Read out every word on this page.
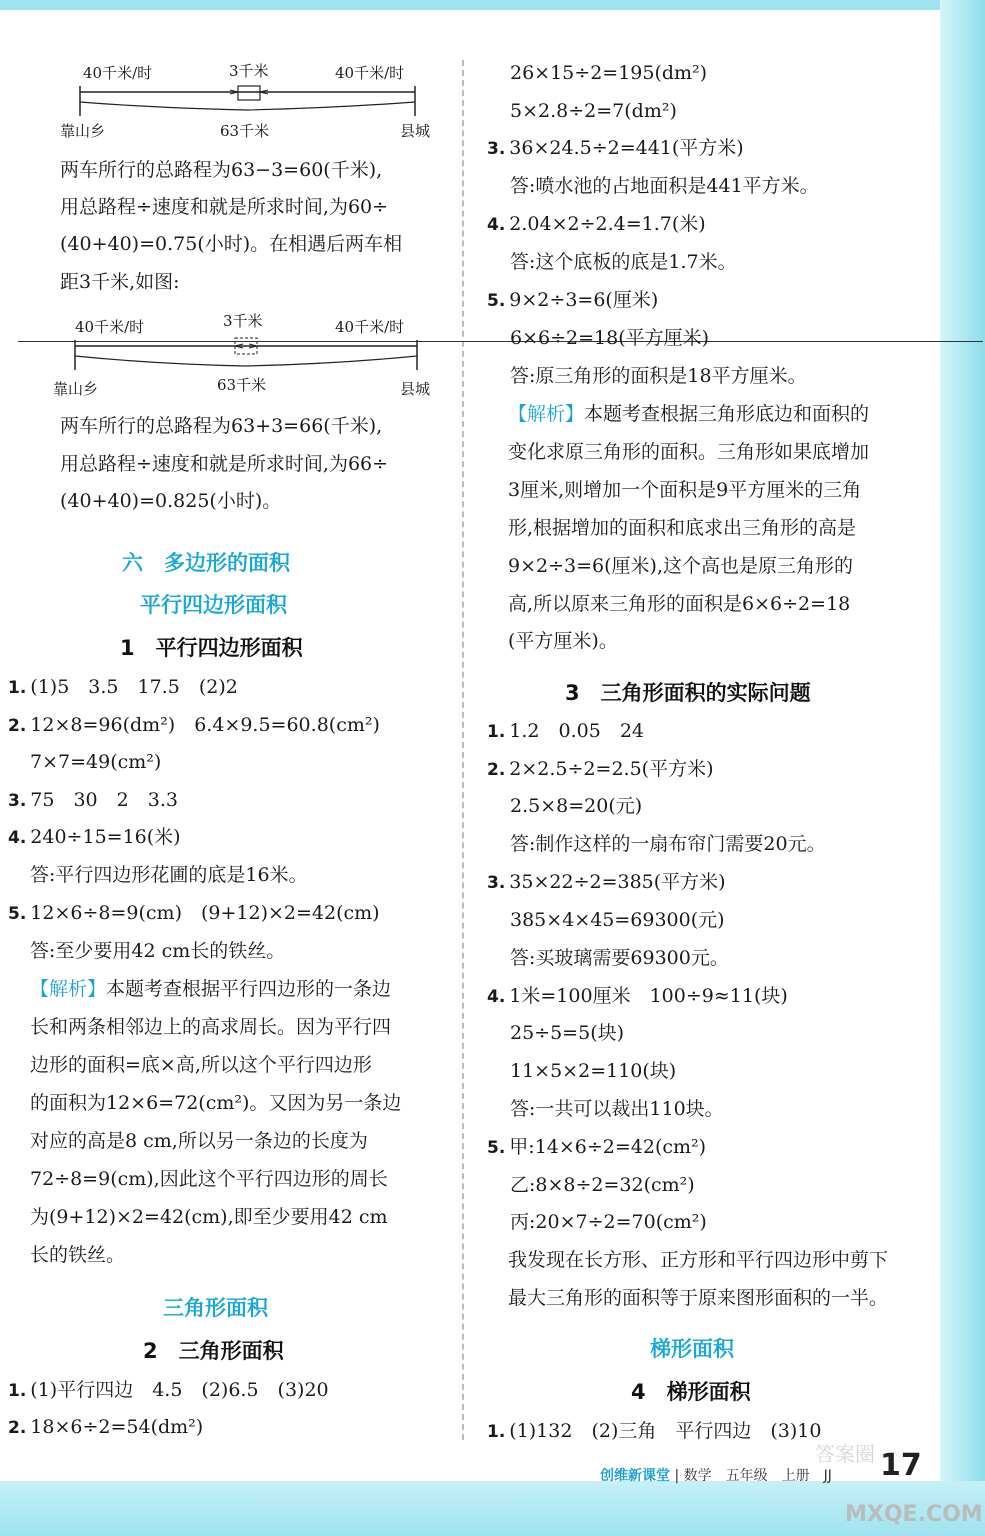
40千米/时	3千米	40千米/时
靠山乡	63千米	县城
两车所行的总路程为63−3=60(千米),
用总路程÷速度和就是所求时间,为60÷
(40+40)=0.75(小时)。在相遇后两车相
距3千米,如图:
40千米/时	3千米	40千米/时
靠山乡	63千米	县城
两车所行的总路程为63+3=66(千米),
用总路程÷速度和就是所求时间,为66÷
(40+40)=0.825(小时)。
六　多边形的面积
平行四边形面积
1　平行四边形面积
1. (1)5　3.5　17.5　(2)2
2. 12×8=96(dm²)　6.4×9.5=60.8(cm²)
7×7=49(cm²)
3. 75　30　2　3.3
4. 240÷15=16(米)
答:平行四边形花圃的底是16米。
5. 12×6÷8=9(cm)　(9+12)×2=42(cm)
答:至少要用42 cm长的铁丝。
【解析】本题考查根据平行四边形的一条边
长和两条相邻边上的高求周长。因为平行四
边形的面积=底×高,所以这个平行四边形
的面积为12×6=72(cm²)。又因为另一条边
对应的高是8 cm,所以另一条边的长度为
72÷8=9(cm),因此这个平行四边形的周长
为(9+12)×2=42(cm),即至少要用42 cm
长的铁丝。
三角形面积
2　三角形面积
1. (1)平行四边　4.5　(2)6.5　(3)20
2. 18×6÷2=54(dm²)
26×15÷2=195(dm²)
5×2.8÷2=7(dm²)
3. 36×24.5÷2=441(平方米)
答:喷水池的占地面积是441平方米。
4. 2.04×2÷2.4=1.7(米)
答:这个底板的底是1.7米。
5. 9×2÷3=6(厘米)
6×6÷2=18(平方厘米)
答:原三角形的面积是18平方厘米。
【解析】本题考查根据三角形底边和面积的
变化求原三角形的面积。三角形如果底增加
3厘米,则增加一个面积是9平方厘米的三角
形,根据增加的面积和底求出三角形的高是
9×2÷3=6(厘米),这个高也是原三角形的
高,所以原来三角形的面积是6×6÷2=18
(平方厘米)。
3　三角形面积的实际问题
1. 1.2　0.05　24
2. 2×2.5÷2=2.5(平方米)
2.5×8=20(元)
答:制作这样的一扇布帘门需要20元。
3. 35×22÷2=385(平方米)
385×4×45=69300(元)
答:买玻璃需要69300元。
4. 1米=100厘米　100÷9≈11(块)
25÷5=5(块)
11×5×2=110(块)
答:一共可以裁出110块。
5. 甲:14×6÷2=42(cm²)
乙:8×8÷2=32(cm²)
丙:20×7÷2=70(cm²)
我发现在长方形、正方形和平行四边形中剪下
最大三角形的面积等于原来图形面积的一半。
梯形面积
4　梯形面积
1. (1)132　(2)三角　平行四边　(3)10
创维新课堂 | 数学　五年级　上册　JJ 17
答案圈
MXQE.COM
